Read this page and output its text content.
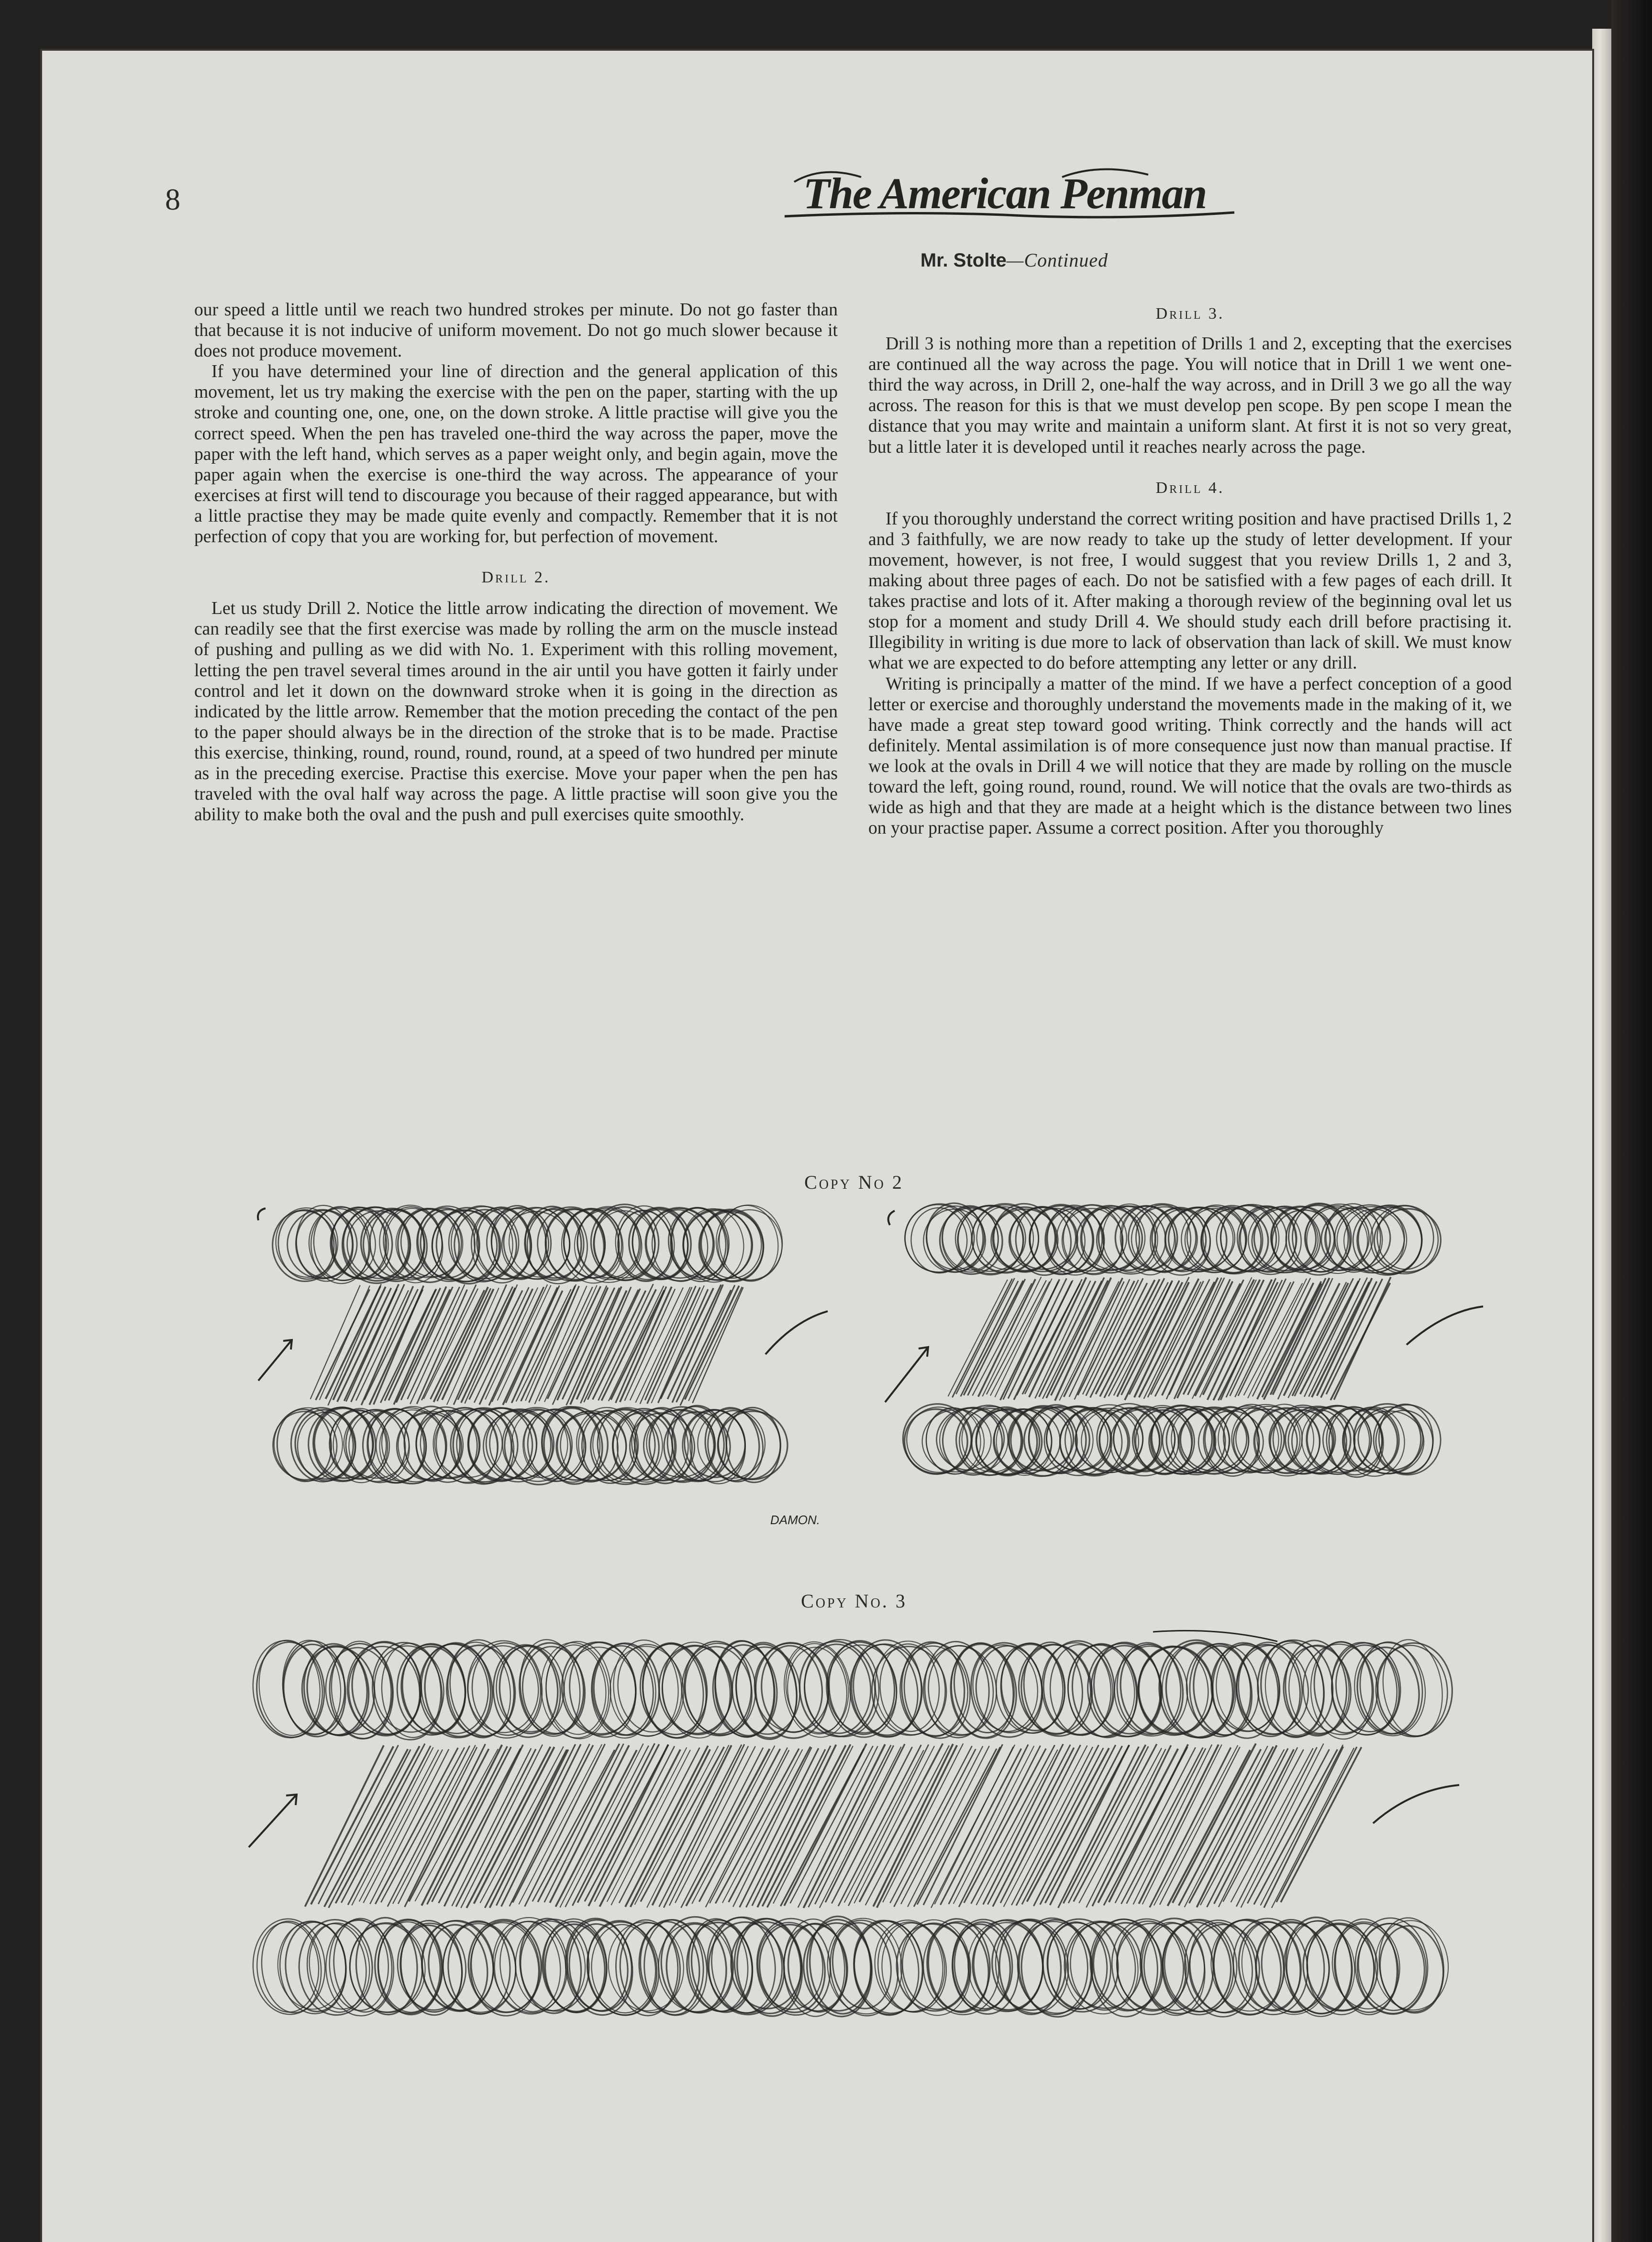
8	The American Penman
Mr. Stolte—Continued

our speed a little until we reach two hundred strokes per minute. Do not go faster than that because it is not inducive of uniform movement. Do not go much slower because it does not produce movement.

If you have determined your line of direction and the general application of this movement, let us try making the exercise with the pen on the paper, starting with the up stroke and counting one, one, one, on the down stroke. A little practise will give you the correct speed. When the pen has traveled one-third the way across the paper, move the paper with the left hand, which serves as a paper weight only, and begin again, move the paper again when the exercise is one-third the way across. The appearance of your exercises at first will tend to discourage you because of their ragged appearance, but with a little practise they may be made quite evenly and compactly. Remember that it is not perfection of copy that you are working for, but perfection of movement.

Drill 2.

Let us study Drill 2. Notice the little arrow indicating the direction of movement. We can readily see that the first exercise was made by rolling the arm on the muscle instead of pushing and pulling as we did with No. 1. Experiment with this rolling movement, letting the pen travel several times around in the air until you have gotten it fairly under control and let it down on the downward stroke when it is going in the direction as indicated by the little arrow. Remember that the motion preceding the contact of the pen to the paper should always be in the direction of the stroke that is to be made. Practise this exercise, thinking, round, round, round, round, at a speed of two hundred per minute as in the preceding exercise. Practise this exercise. Move your paper when the pen has traveled with the oval half way across the page. A little practise will soon give you the ability to make both the oval and the push and pull exercises quite smoothly.

Drill 3.

Drill 3 is nothing more than a repetition of Drills 1 and 2, excepting that the exercises are continued all the way across the page. You will notice that in Drill 1 we went one-third the way across, in Drill 2, one-half the way across, and in Drill 3 we go all the way across. The reason for this is that we must develop pen scope. By pen scope I mean the distance that you may write and maintain a uniform slant. At first it is not so very great, but a little later it is developed until it reaches nearly across the page.

Drill 4.

If you thoroughly understand the correct writing position and have practised Drills 1, 2 and 3 faithfully, we are now ready to take up the study of letter development. If your movement, however, is not free, I would suggest that you review Drills 1, 2 and 3, making about three pages of each. Do not be satisfied with a few pages of each drill. It takes practise and lots of it. After making a thorough review of the beginning oval let us stop for a moment and study Drill 4. We should study each drill before practising it. Illegibility in writing is due more to lack of observation than lack of skill. We must know what we are expected to do before attempting any letter or any drill.

Writing is principally a matter of the mind. If we have a perfect conception of a good letter or exercise and thoroughly understand the movements made in the making of it, we have made a great step toward good writing. Think correctly and the hands will act definitely. Mental assimilation is of more consequence just now than manual practise. If we look at the ovals in Drill 4 we will notice that they are made by rolling on the muscle toward the left, going round, round, round. We will notice that the ovals are two-thirds as wide as high and that they are made at a height which is the distance between two lines on your practise paper. Assume a correct position. After you thoroughly

Copy No 2
Copy No. 3
DAMON.
